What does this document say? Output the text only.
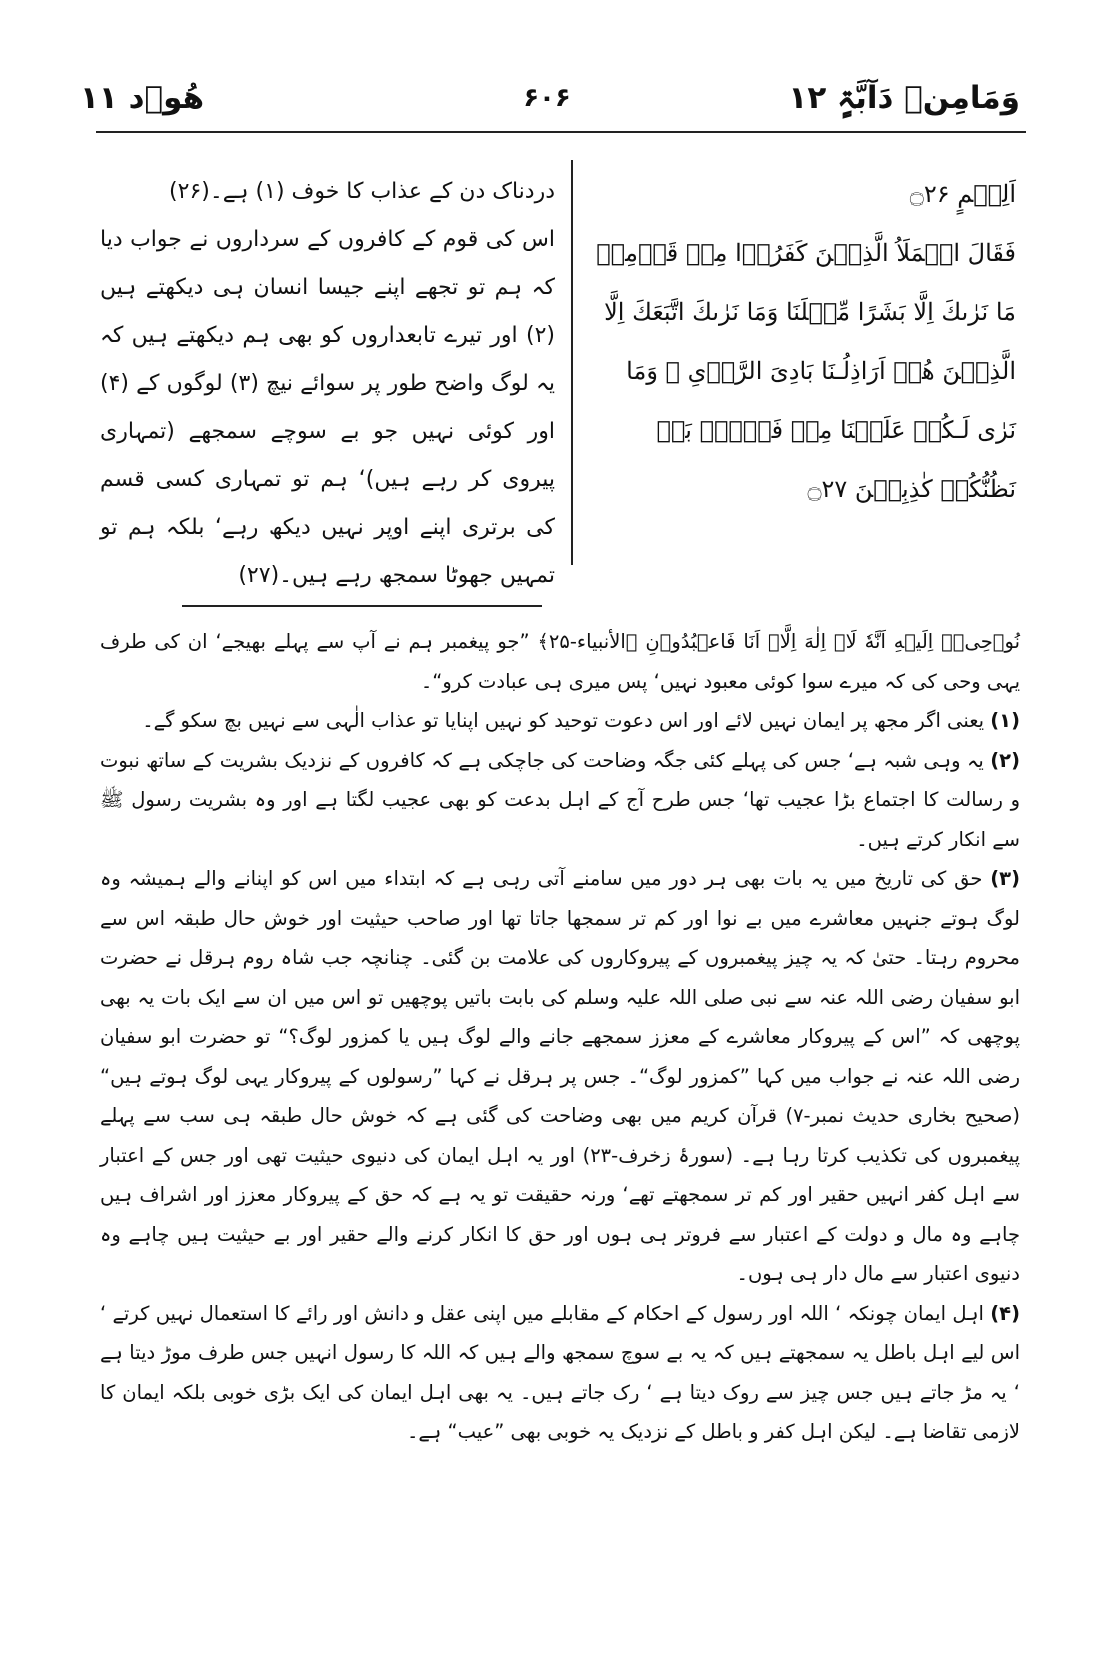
وَمَامِنۡ دَآبَّۃٍ ۱۲
۶۰۶
ھُوۡد ۱۱
اَلِيۡمٍ ۝۲۶
فَقَالَ الۡمَلَاُ الَّذِيۡنَ كَفَرُوۡا مِنۡ قَوۡمِهٖ مَا نَرٰٮكَ اِلَّا بَشَرًا مِّثۡلَنَا وَمَا نَرٰٮكَ اتَّبَعَكَ اِلَّا الَّذِيۡنَ هُمۡ اَرَاذِلُـنَا بَادِىَ الرَّاۡىِ ۚ وَمَا نَرٰى لَـكُمۡ عَلَيۡنَا مِنۡ فَضۡلٍۢ بَلۡ نَظُنُّكُمۡ كٰذِبِيۡنَ ۝۲۷

دردناک دن کے عذاب کا خوف (۱) ہے۔(۲۶)

اس کی قوم کے کافروں کے سرداروں نے جواب دیا کہ ہم تو تجھے اپنے جیسا انسان ہی دیکھتے ہیں (۲) اور تیرے تابعداروں کو بھی ہم دیکھتے ہیں کہ یہ لوگ واضح طور پر سوائے نیچ (۳) لوگوں کے (۴) اور کوئی نہیں جو بے سوچے سمجھے (تمہاری پیروی کر رہے ہیں)‘ ہم تو تمہاری کسی قسم کی برتری اپنے اوپر نہیں دیکھ رہے‘ بلکہ ہم تو تمہیں جھوٹا سمجھ رہے ہیں۔(۲۷)

نُوۡحِىۡۤ اِلَيۡهِ اَنَّهٗ لَاۤ اِلٰهَ اِلَّاۤ اَنَا فَاعۡبُدُوۡنِ ﴿الأنبياء-۲۵﴾ ”جو پیغمبر ہم نے آپ سے پہلے بھیجے‘ ان کی طرف یہی وحی کی کہ میرے سوا کوئی معبود نہیں‘ پس میری ہی عبادت کرو“۔

(۱) یعنی اگر مجھ پر ایمان نہیں لائے اور اس دعوت توحید کو نہیں اپنایا تو عذاب الٰہی سے نہیں بچ سکو گے۔

(۲) یہ وہی شبہ ہے‘ جس کی پہلے کئی جگہ وضاحت کی جاچکی ہے کہ کافروں کے نزدیک بشریت کے ساتھ نبوت و رسالت کا اجتماع بڑا عجیب تھا‘ جس طرح آج کے اہل بدعت کو بھی عجیب لگتا ہے اور وہ بشریت رسول ﷺ سے انکار کرتے ہیں۔

(۳) حق کی تاریخ میں یہ بات بھی ہر دور میں سامنے آتی رہی ہے کہ ابتداء میں اس کو اپنانے والے ہمیشہ وہ لوگ ہوتے جنہیں معاشرے میں بے نوا اور کم تر سمجھا جاتا تھا اور صاحب حیثیت اور خوش حال طبقہ اس سے محروم رہتا۔ حتیٰ کہ یہ چیز پیغمبروں کے پیروکاروں کی علامت بن گئی۔ چنانچہ جب شاہ روم ہرقل نے حضرت ابو سفیان رضی اللہ عنہ سے نبی صلی اللہ علیہ وسلم کی بابت باتیں پوچھیں تو اس میں ان سے ایک بات یہ بھی پوچھی کہ ”اس کے پیروکار معاشرے کے معزز سمجھے جانے والے لوگ ہیں یا کمزور لوگ؟“ تو حضرت ابو سفیان رضی اللہ عنہ نے جواب میں کہا ”کمزور لوگ“۔ جس پر ہرقل نے کہا ”رسولوں کے پیروکار یہی لوگ ہوتے ہیں“ (صحیح بخاری حدیث نمبر-۷) قرآن کریم میں بھی وضاحت کی گئی ہے کہ خوش حال طبقہ ہی سب سے پہلے پیغمبروں کی تکذیب کرتا رہا ہے۔ (سورۂ زخرف-۲۳) اور یہ اہل ایمان کی دنیوی حیثیت تھی اور جس کے اعتبار سے اہل کفر انہیں حقیر اور کم تر سمجھتے تھے‘ ورنہ حقیقت تو یہ ہے کہ حق کے پیروکار معزز اور اشراف ہیں چاہے وہ مال و دولت کے اعتبار سے فروتر ہی ہوں اور حق کا انکار کرنے والے حقیر اور بے حیثیت ہیں چاہے وہ دنیوی اعتبار سے مال دار ہی ہوں۔

(۴) اہل ایمان چونکہ ‘ اللہ اور رسول کے احکام کے مقابلے میں اپنی عقل و دانش اور رائے کا استعمال نہیں کرتے ‘ اس لیے اہل باطل یہ سمجھتے ہیں کہ یہ بے سوچ سمجھ والے ہیں کہ اللہ کا رسول انہیں جس طرف موڑ دیتا ہے ‘ یہ مڑ جاتے ہیں جس چیز سے روک دیتا ہے ‘ رک جاتے ہیں۔ یہ بھی اہل ایمان کی ایک بڑی خوبی بلکہ ایمان کا لازمی تقاضا ہے۔ لیکن اہل کفر و باطل کے نزدیک یہ خوبی بھی ”عیب“ ہے۔
